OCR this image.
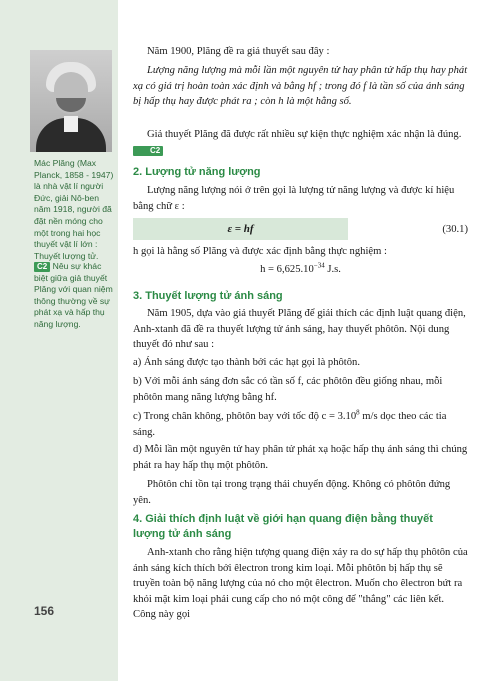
Mác Plăng (Max Planck, 1858 - 1947) là nhà vật lí người Đức, giải Nô-ben năm 1918, người đã đặt nền móng cho một trong hai học thuyết vật lí lớn : Thuyết lượng tử.
C2 Nêu sự khác biệt giữa giả thuyết Plăng với quan niệm thông thường về sự phát xạ và hấp thụ năng lượng.
156
Năm 1900, Plăng đề ra giả thuyết sau đây :
Lượng năng lượng mà mỗi lần một nguyên tử hay phân tử hấp thụ hay phát xạ có giá trị hoàn toàn xác định và bằng hf ; trong đó f là tần số của ánh sáng bị hấp thụ hay được phát ra ; còn h là một hằng số.
Giả thuyết Plăng đã được rất nhiều sự kiện thực nghiệm xác nhận là đúng. C2
2. Lượng tử năng lượng
Lượng năng lượng nói ở trên gọi là lượng tử năng lượng và được kí hiệu bằng chữ ε :
ε = hf	(30.1)
h gọi là hằng số Plăng và được xác định bằng thực nghiệm :
$h = 6,625.10^{-34}$ J.s.
3. Thuyết lượng tử ánh sáng
Năm 1905, dựa vào giả thuyết Plăng để giải thích các định luật quang điện, Anh-xtanh đã đề ra thuyết lượng tử ánh sáng, hay thuyết phôtôn. Nội dung thuyết đó như sau :
a) Ánh sáng được tạo thành bởi các hạt gọi là phôtôn.
b) Với mỗi ánh sáng đơn sắc có tần số f, các phôtôn đều giống nhau, mỗi phôtôn mang năng lượng bằng hf.
c) Trong chân không, phôtôn bay với tốc độ $c = 3.10^8$ m/s dọc theo các tia sáng.
d) Mỗi lần một nguyên tử hay phân tử phát xạ hoặc hấp thụ ánh sáng thì chúng phát ra hay hấp thụ một phôtôn.
Phôtôn chỉ tồn tại trong trạng thái chuyển động. Không có phôtôn đứng yên.
4. Giải thích định luật về giới hạn quang điện bằng thuyết lượng tử ánh sáng
Anh-xtanh cho rằng hiện tượng quang điện xảy ra do sự hấp thụ phôtôn của ánh sáng kích thích bởi êlectron trong kim loại. Mỗi phôtôn bị hấp thụ sẽ truyền toàn bộ năng lượng của nó cho một êlectron. Muốn cho êlectron bứt ra khỏi mặt kim loại phải cung cấp cho nó một công để "thắng" các liên kết. Công này gọi
